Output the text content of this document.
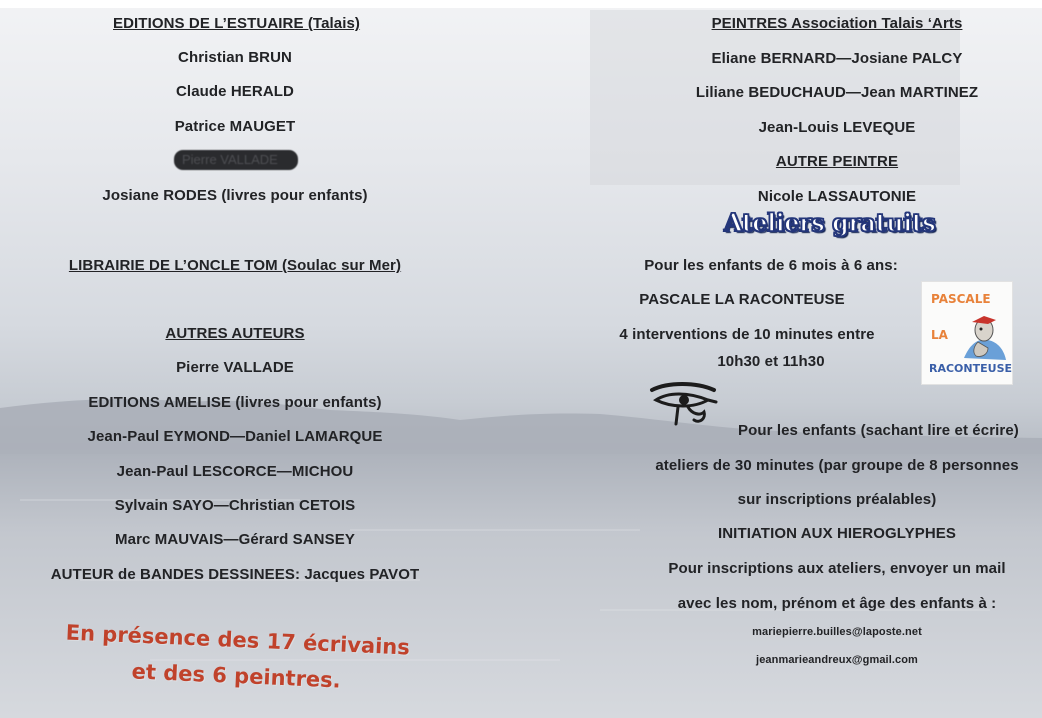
EDITIONS DE L’ESTUAIRE (Talais)
Christian BRUN
Claude HERALD
Patrice MAUGET
Pierre VALLADE
Josiane RODES (livres pour enfants)
LIBRAIRIE DE L’ONCLE TOM (Soulac sur Mer)
AUTRES AUTEURS
Pierre VALLADE
EDITIONS AMELISE (livres pour enfants)
Jean-Paul EYMOND—Daniel LAMARQUE
Jean-Paul LESCORCE—MICHOU
Sylvain SAYO—Christian CETOIS
Marc MAUVAIS—Gérard SANSEY
AUTEUR de BANDES DESSINEES: Jacques PAVOT
En présence des 17 écrivains
et des 6 peintres.
PEINTRES Association Talais ‘Arts
Eliane BERNARD—Josiane PALCY
Liliane BEDUCHAUD—Jean MARTINEZ
Jean-Louis LEVEQUE
AUTRE PEINTRE
Nicole LASSAUTONIE
Pour les enfants de 6 mois à 6 ans:
PASCALE LA RACONTEUSE
4 interventions de 10 minutes entre
10h30 et 11h30
Pour les enfants (sachant lire et écrire)
ateliers de 30 minutes (par groupe de 8 personnes
sur inscriptions préalables)
INITIATION AUX HIEROGLYPHES
Pour inscriptions aux ateliers, envoyer un mail
avec les nom, prénom et âge des enfants à :
mariepierre.builles@laposte.net
jeanmarieandreux@gmail.com
Ateliers gratuits
PASCALE
LA
RACONTEUSE
